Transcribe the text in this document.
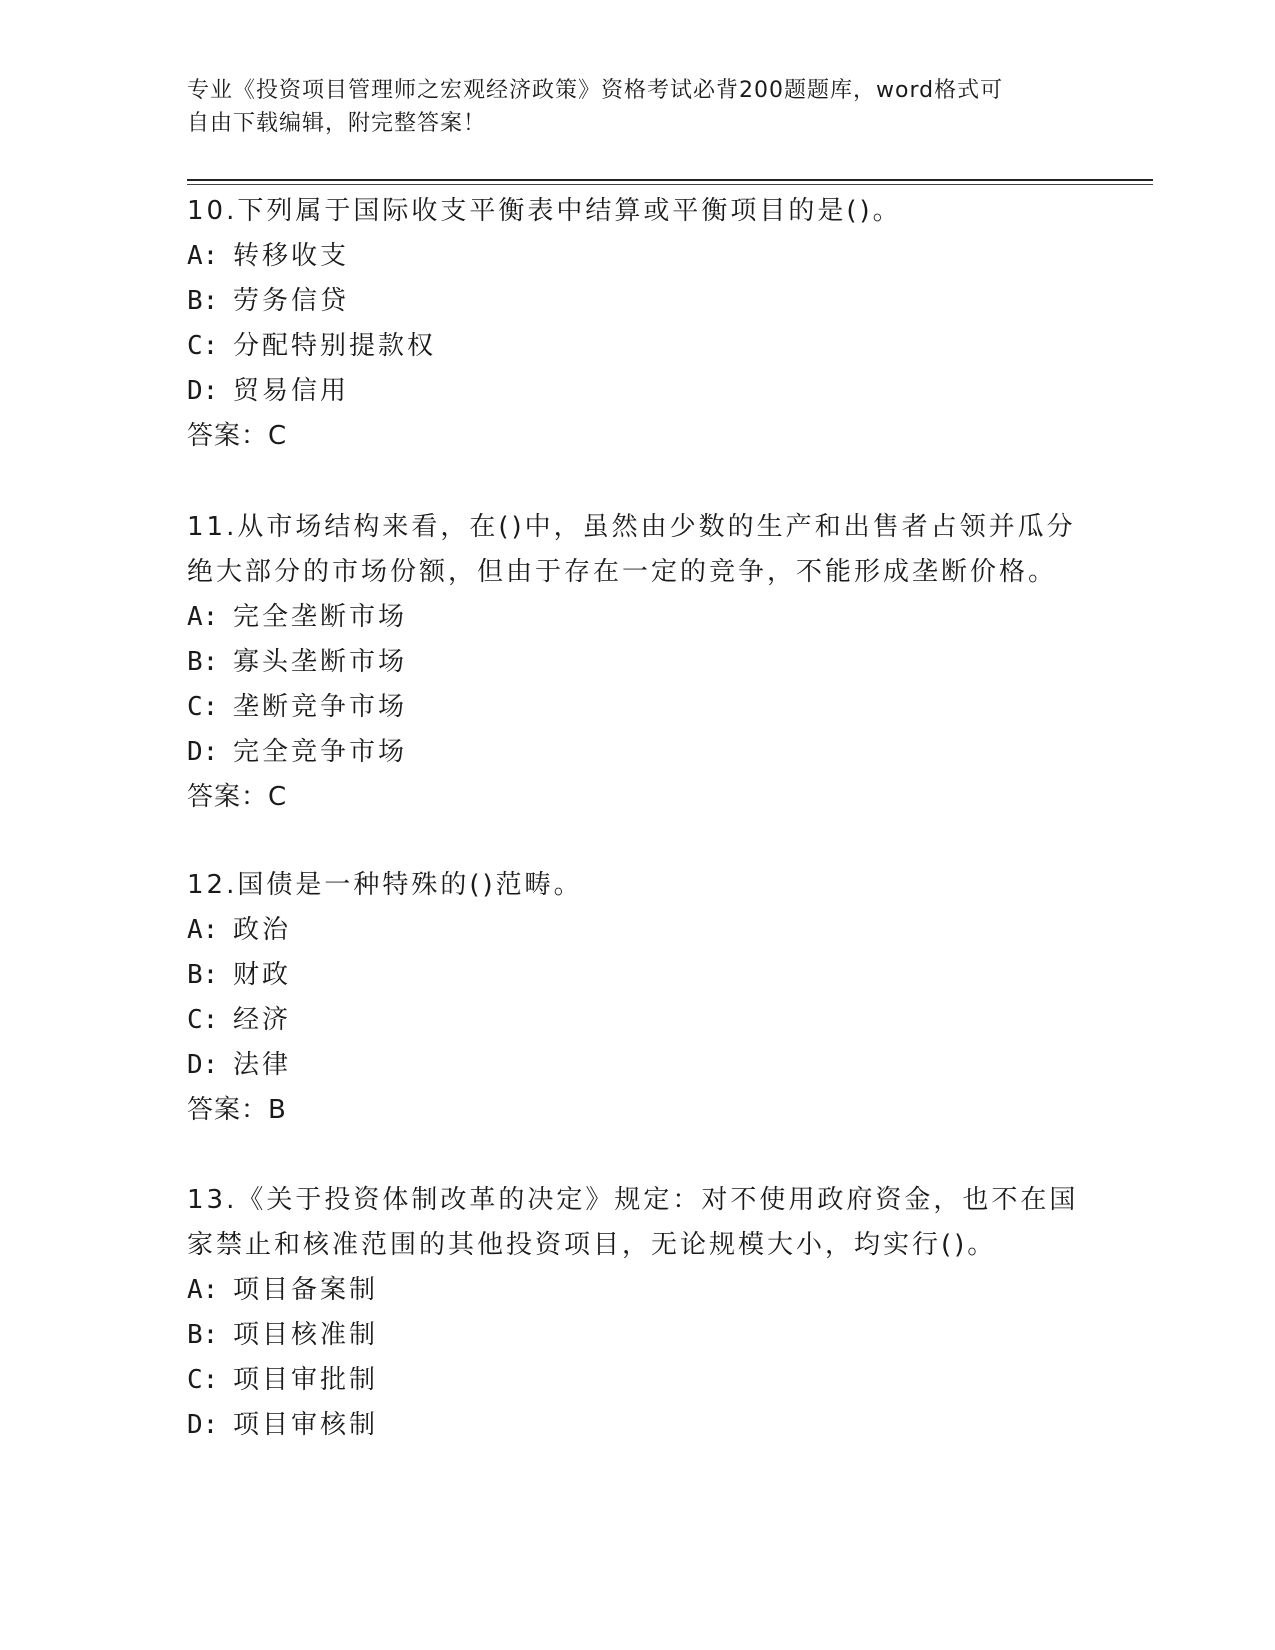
专业《投资项目管理师之宏观经济政策》资格考试必背200题题库，word格式可
自由下载编辑，附完整答案！

10.下列属于国际收支平衡表中结算或平衡项目的是()。

A: 转移收支
B: 劳务信贷
C: 分配特别提款权
D: 贸易信用
答案：C

11.从市场结构来看，在()中，虽然由少数的生产和出售者占领并瓜分绝大部分的市场份额，但由于存在一定的竞争，不能形成垄断价格。

A: 完全垄断市场
B: 寡头垄断市场
C: 垄断竞争市场
D: 完全竞争市场
答案：C

12.国债是一种特殊的()范畴。

A: 政治
B: 财政
C: 经济
D: 法律
答案：B

13.《关于投资体制改革的决定》规定：对不使用政府资金，也不在国家禁止和核准范围的其他投资项目，无论规模大小，均实行()。

A: 项目备案制
B: 项目核准制
C: 项目审批制
D: 项目审核制
